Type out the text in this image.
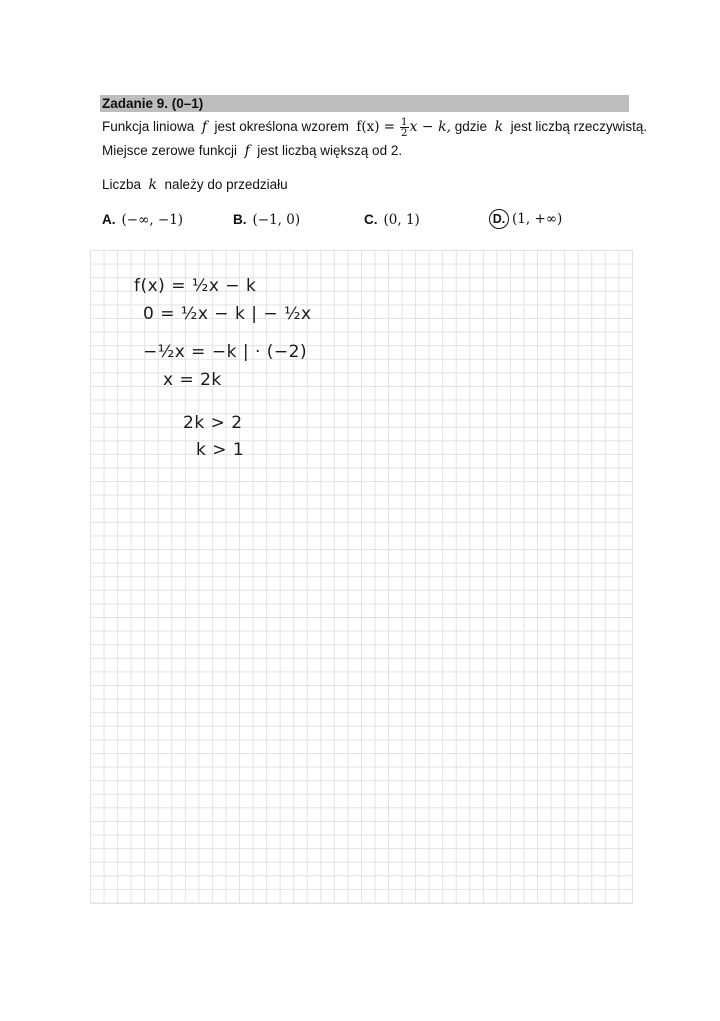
Zadanie 9. (0–1)
Funkcja liniowa f jest określona wzorem $f(x) = \frac{1}{2}$ x − k, gdzie k jest liczbą rzeczywistą.
Miejsce zerowe funkcji f jest liczbą większą od 2.
Liczba k należy do przedziału
A. (−∞, −1)	B. (−1, 0)	C. (0, 1)	D. (1, +∞)
f(x) = ½x − k
0 = ½x − k | − ½x
−½x = −k | · (−2)
x = 2k
2k > 2
k > 1
